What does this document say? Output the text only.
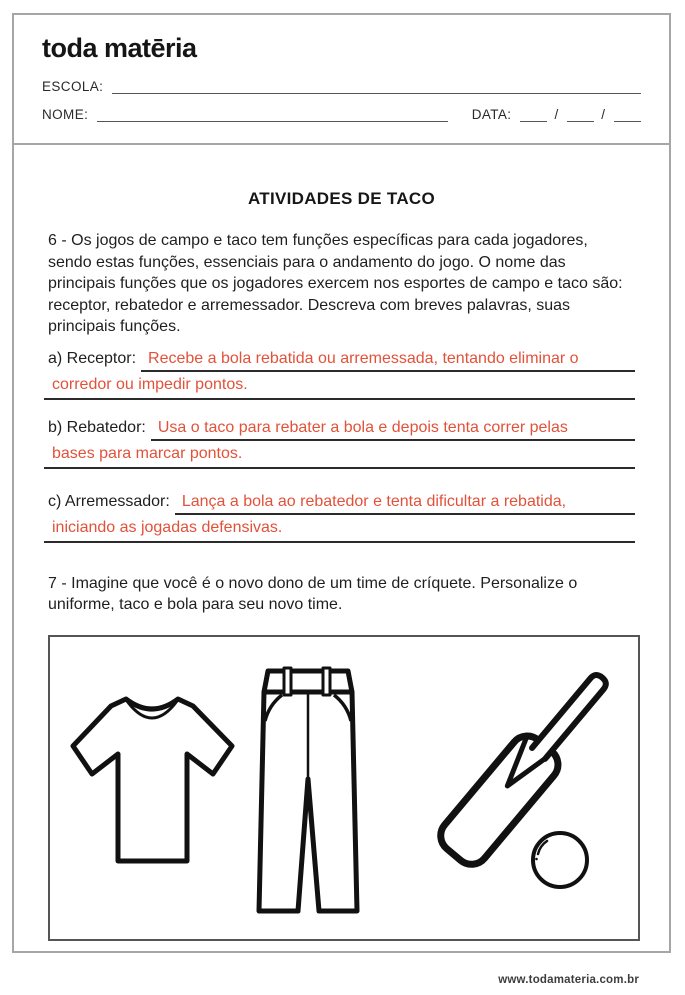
toda matēria
ESCOLA:
NOME:	DATA:	/	/
ATIVIDADES DE TACO

6 - Os jogos de campo e taco tem funções específicas para cada jogadores, sendo estas funções, essenciais para o andamento do jogo. O nome das principais funções que os jogadores exercem nos esportes de campo e taco são: receptor, rebatedor e arremessador. Descreva com breves palavras, suas principais funções.

a) Receptor: Recebe a bola rebatida ou arremessada, tentando eliminar o
corredor ou impedir pontos.
b) Rebatedor: Usa o taco para rebater a bola e depois tenta correr pelas
bases para marcar pontos.
c) Arremessador: Lança a bola ao rebatedor e tenta dificultar a rebatida,
iniciando as jogadas defensivas.

7 - Imagine que você é o novo dono de um time de críquete. Personalize o uniforme, taco e bola para seu novo time.

www.todamateria.com.br
